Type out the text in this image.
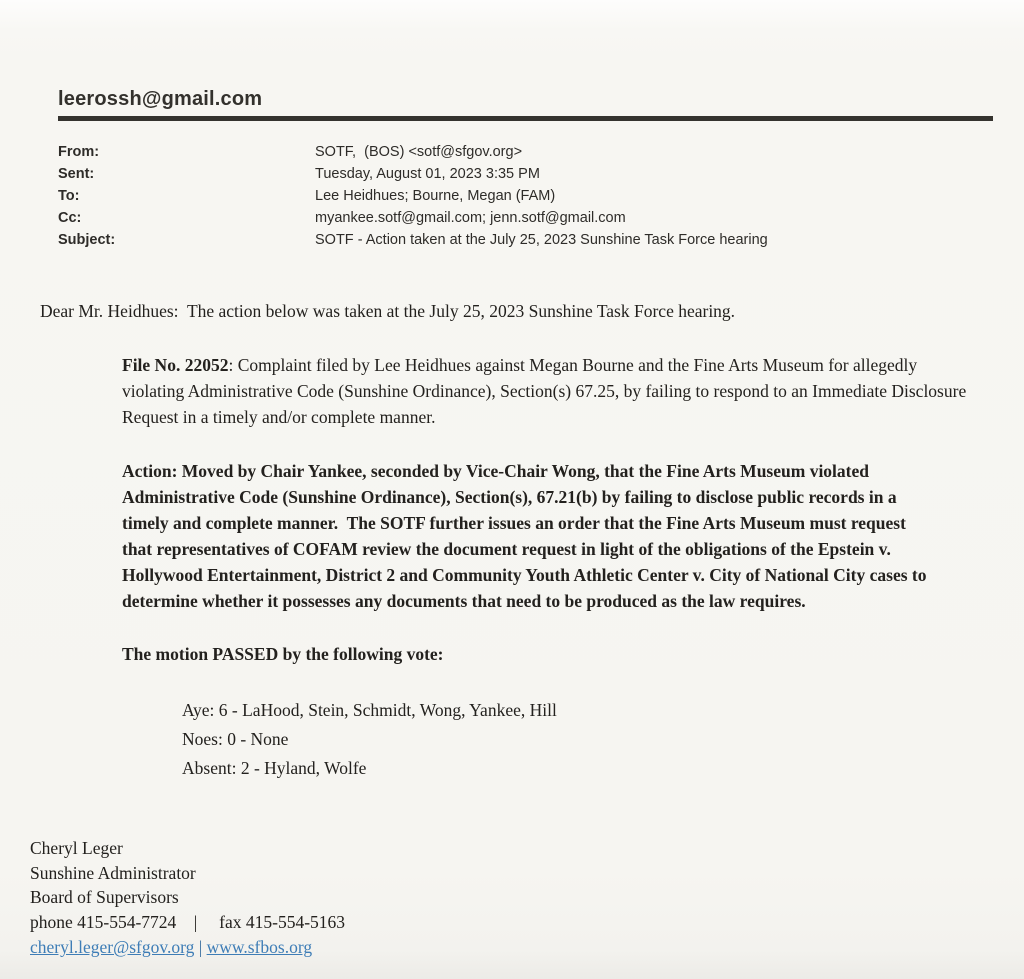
leerossh@gmail.com
From:	SOTF,  (BOS) <sotf@sfgov.org>
Sent:	Tuesday, August 01, 2023 3:35 PM
To:	Lee Heidhues; Bourne, Megan (FAM)
Cc:	myankee.sotf@gmail.com; jenn.sotf@gmail.com
Subject:	SOTF - Action taken at the July 25, 2023 Sunshine Task Force hearing
Dear Mr. Heidhues:  The action below was taken at the July 25, 2023 Sunshine Task Force hearing.
File No. 22052: Complaint filed by Lee Heidhues against Megan Bourne and the Fine Arts Museum for allegedly violating Administrative Code (Sunshine Ordinance), Section(s) 67.25, by failing to respond to an Immediate Disclosure Request in a timely and/or complete manner.
Action: Moved by Chair Yankee, seconded by Vice-Chair Wong, that the Fine Arts Museum violated Administrative Code (Sunshine Ordinance), Section(s), 67.21(b) by failing to disclose public records in a timely and complete manner.  The SOTF further issues an order that the Fine Arts Museum must request that representatives of COFAM review the document request in light of the obligations of the Epstein v. Hollywood Entertainment, District 2 and Community Youth Athletic Center v. City of National City cases to determine whether it possesses any documents that need to be produced as the law requires.
The motion PASSED by the following vote:
Aye: 6 - LaHood, Stein, Schmidt, Wong, Yankee, Hill
Noes: 0 - None
Absent: 2 - Hyland, Wolfe
Cheryl Leger
Sunshine Administrator
Board of Supervisors
phone 415-554-7724    |     fax 415-554-5163
cheryl.leger@sfgov.org | www.sfbos.org
